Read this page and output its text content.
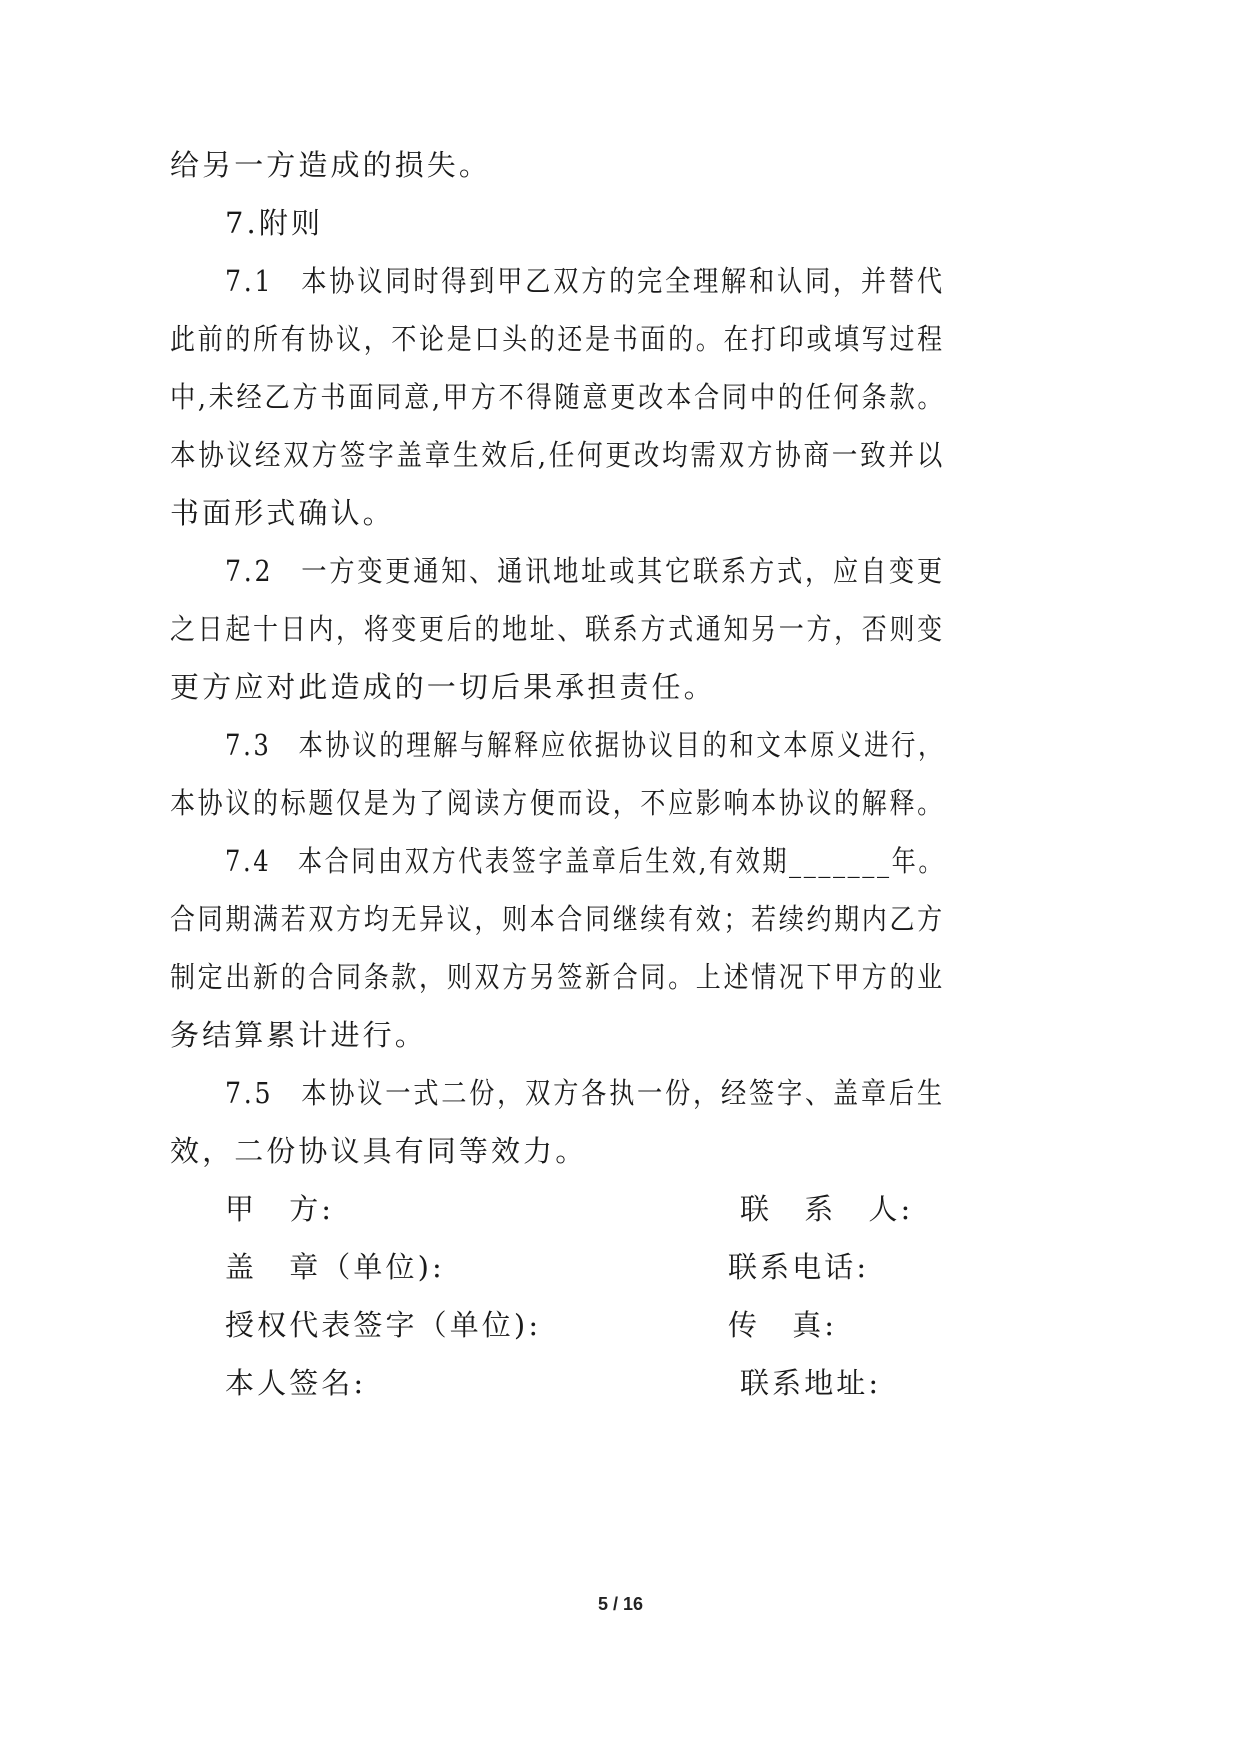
给另一方造成的损失。
7.附则
7.1　本协议同时得到甲乙双方的完全理解和认同，并替代
此前的所有协议，不论是口头的还是书面的。在打印或填写过程
中,未经乙方书面同意,甲方不得随意更改本合同中的任何条款。
本协议经双方签字盖章生效后,任何更改均需双方协商一致并以
书面形式确认。
7.2　一方变更通知、通讯地址或其它联系方式，应自变更
之日起十日内，将变更后的地址、联系方式通知另一方，否则变
更方应对此造成的一切后果承担责任。
7.3　本协议的理解与解释应依据协议目的和文本原义进行，
本协议的标题仅是为了阅读方便而设，不应影响本协议的解释。
7.4　本合同由双方代表签字盖章后生效,有效期_______年。
合同期满若双方均无异议，则本合同继续有效；若续约期内乙方
制定出新的合同条款，则双方另签新合同。上述情况下甲方的业
务结算累计进行。
7.5　本协议一式二份，双方各执一份，经签字、盖章后生
效，二份协议具有同等效力。
甲　方:
盖　章（单位):
授权代表签字（单位):
本人签名:
联　系　人:
联系电话:
传　真:
联系地址:
5 / 16
